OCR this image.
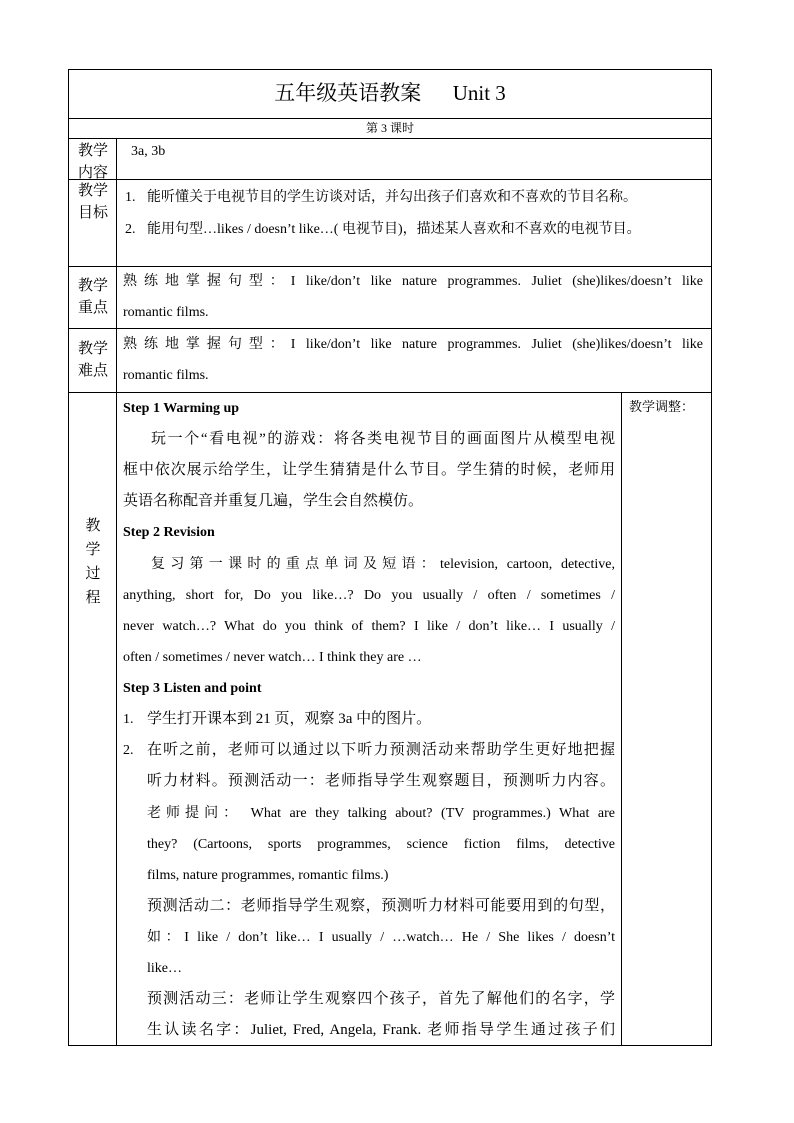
五年级英语教案      Unit 3
第 3 课时
教学
内容
3a, 3b
教学
目标
1. 能听懂关于电视节目的学生访谈对话，并勾出孩子们喜欢和不喜欢的节目名称。
2. 能用句型…likes / doesn’t like…( 电视节目)，描述某人喜欢和不喜欢的电视节目。
教学
重点
熟练地掌握句型：I like/don’t like nature programmes. Juliet (she)likes/doesn’t like
romantic films.
教学
难点
熟练地掌握句型：I like/don’t like nature programmes. Juliet (she)likes/doesn’t like
romantic films.
教
学
过
程
教学调整：
Step 1 Warming up
玩一个“看电视”的游戏：将各类电视节目的画面图片从模型电视
框中依次展示给学生，让学生猜猜是什么节目。学生猜的时候，老师用
英语名称配音并重复几遍，学生会自然模仿。
Step 2 Revision
复习第一课时的重点单词及短语：television, cartoon, detective,
anything, short for, Do you like…? Do you usually / often / sometimes /
never watch…? What do you think of them? I like / don’t like… I usually /
often / sometimes / never watch… I think they are …
Step 3 Listen and point
1. 学生打开课本到 21 页，观察 3a 中的图片。
2. 在听之前，老师可以通过以下听力预测活动来帮助学生更好地把握
听力材料。预测活动一：老师指导学生观察题目，预测听力内容。
老师提问： What are they talking about? (TV programmes.) What are
they? (Cartoons, sports programmes, science fiction films, detective
films, nature programmes, romantic films.)
预测活动二：老师指导学生观察，预测听力材料可能要用到的句型，
如：I like / don’t like… I usually / …watch… He / She likes / doesn’t
like…
预测活动三：老师让学生观察四个孩子，首先了解他们的名字，学
生认读名字：Juliet, Fred, Angela, Frank. 老师指导学生通过孩子们
